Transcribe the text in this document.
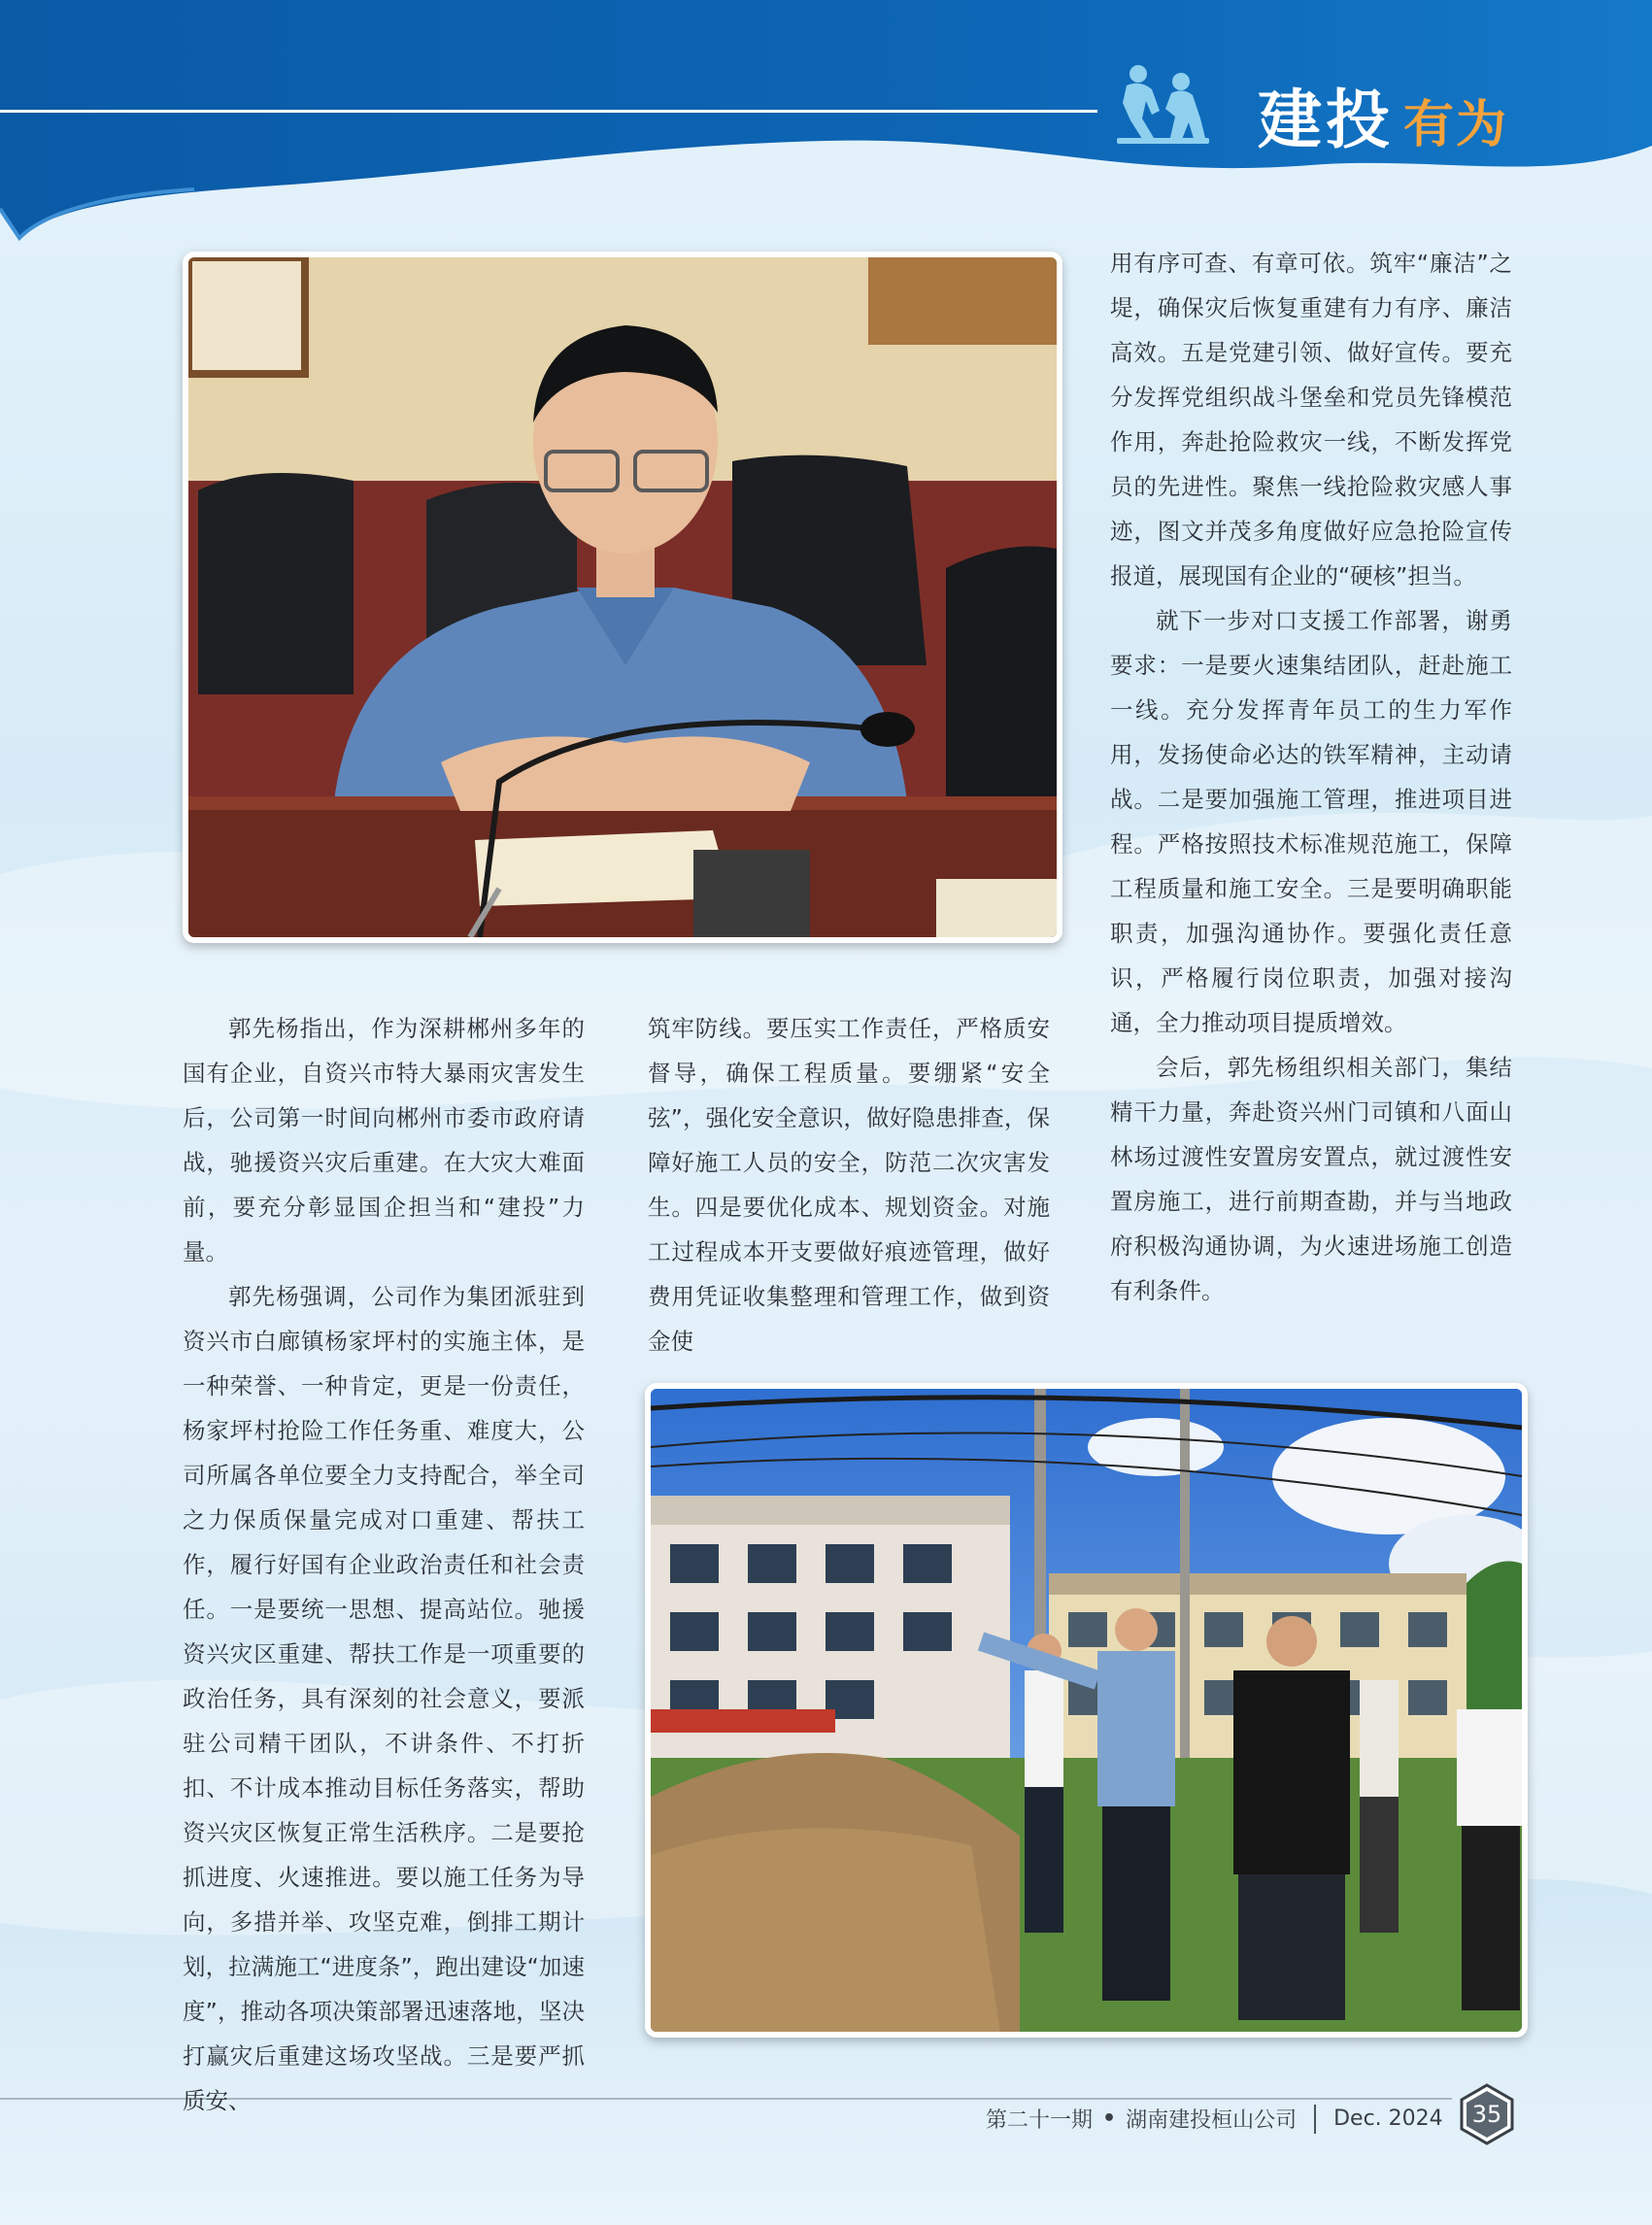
建投 有为

郭先杨指出，作为深耕郴州多年的国有企业，自资兴市特大暴雨灾害发生后，公司第一时间向郴州市委市政府请战，驰援资兴灾后重建。在大灾大难面前，要充分彰显国企担当和“建投”力量。

郭先杨强调，公司作为集团派驻到资兴市白廊镇杨家坪村的实施主体，是一种荣誉、一种肯定，更是一份责任，杨家坪村抢险工作任务重、难度大，公司所属各单位要全力支持配合，举全司之力保质保量完成对口重建、帮扶工作，履行好国有企业政治责任和社会责任。一是要统一思想、提高站位。驰援资兴灾区重建、帮扶工作是一项重要的政治任务，具有深刻的社会意义，要派驻公司精干团队，不讲条件、不打折扣、不计成本推动目标任务落实，帮助资兴灾区恢复正常生活秩序。二是要抢抓进度、火速推进。要以施工任务为导向，多措并举、攻坚克难，倒排工期计划，拉满施工“进度条”，跑出建设“加速度”，推动各项决策部署迅速落地，坚决打赢灾后重建这场攻坚战。三是要严抓质安、

筑牢防线。要压实工作责任，严格质安督导，确保工程质量。要绷紧“安全弦”，强化安全意识，做好隐患排查，保障好施工人员的安全，防范二次灾害发生。四是要优化成本、规划资金。对施工过程成本开支要做好痕迹管理，做好费用凭证收集整理和管理工作，做到资金使

用有序可查、有章可依。筑牢“廉洁”之堤，确保灾后恢复重建有力有序、廉洁高效。五是党建引领、做好宣传。要充分发挥党组织战斗堡垒和党员先锋模范作用，奔赴抢险救灾一线，不断发挥党员的先进性。聚焦一线抢险救灾感人事迹，图文并茂多角度做好应急抢险宣传报道，展现国有企业的“硬核”担当。

就下一步对口支援工作部署，谢勇要求：一是要火速集结团队，赶赴施工一线。充分发挥青年员工的生力军作用，发扬使命必达的铁军精神，主动请战。二是要加强施工管理，推进项目进程。严格按照技术标准规范施工，保障工程质量和施工安全。三是要明确职能职责，加强沟通协作。要强化责任意识，严格履行岗位职责，加强对接沟通，全力推动项目提质增效。

会后，郭先杨组织相关部门，集结精干力量，奔赴资兴州门司镇和八面山林场过渡性安置房安置点，就过渡性安置房施工，进行前期查勘，并与当地政府积极沟通协调，为火速进场施工创造有利条件。

第二十一期 • 湖南建投桓山公司 Dec. 2024	35
